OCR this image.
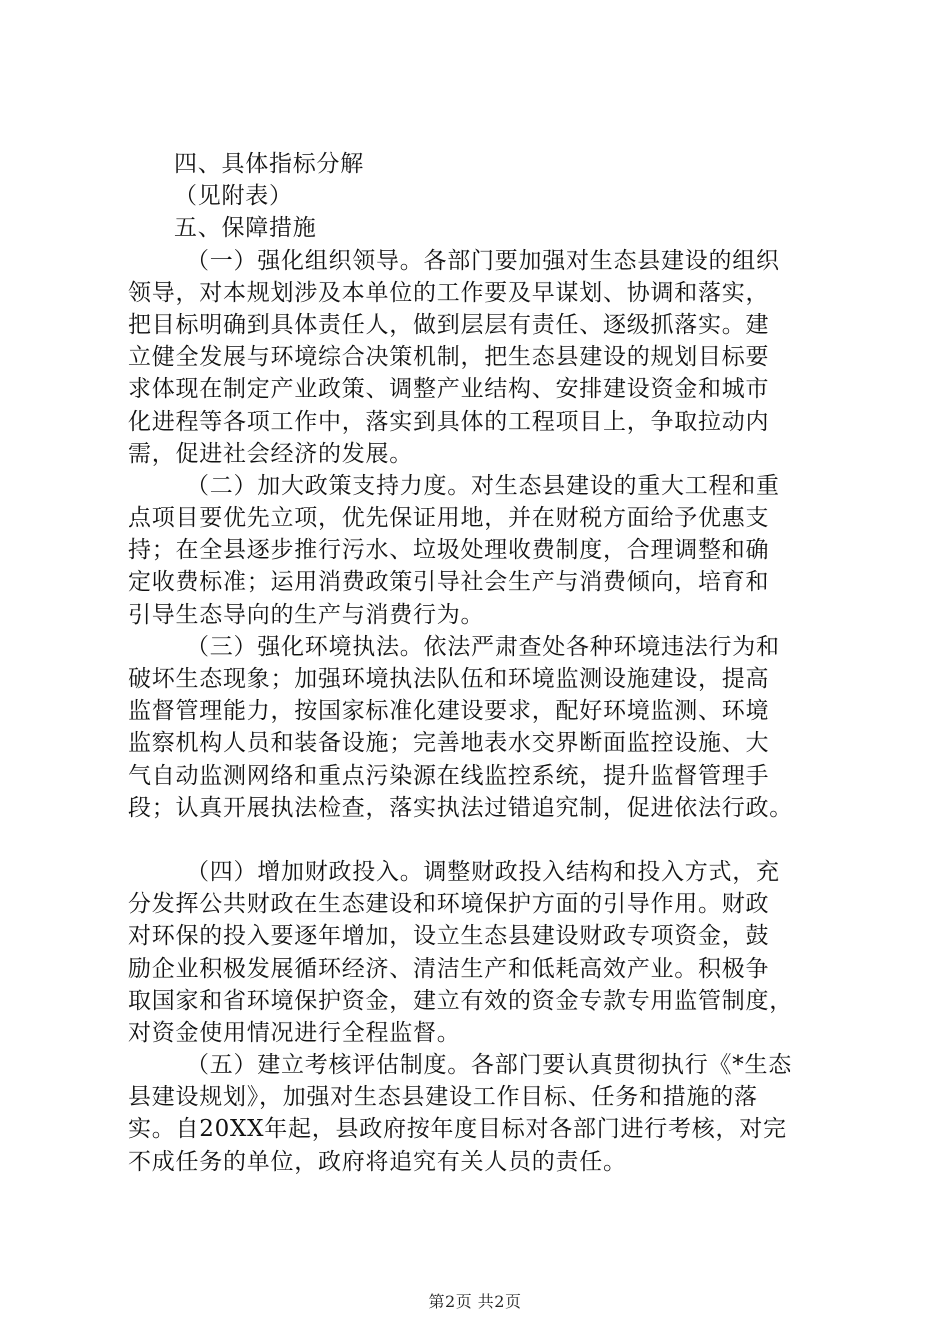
四、具体指标分解
（见附表）
五、保障措施
（一）强化组织领导。各部门要加强对生态县建设的组织
领导，对本规划涉及本单位的工作要及早谋划、协调和落实，
把目标明确到具体责任人，做到层层有责任、逐级抓落实。建
立健全发展与环境综合决策机制，把生态县建设的规划目标要
求体现在制定产业政策、调整产业结构、安排建设资金和城市
化进程等各项工作中，落实到具体的工程项目上，争取拉动内
需，促进社会经济的发展。
（二）加大政策支持力度。对生态县建设的重大工程和重
点项目要优先立项，优先保证用地，并在财税方面给予优惠支
持；在全县逐步推行污水、垃圾处理收费制度，合理调整和确
定收费标准；运用消费政策引导社会生产与消费倾向，培育和
引导生态导向的生产与消费行为。
（三）强化环境执法。依法严肃查处各种环境违法行为和
破坏生态现象；加强环境执法队伍和环境监测设施建设，提高
监督管理能力，按国家标准化建设要求，配好环境监测、环境
监察机构人员和装备设施；完善地表水交界断面监控设施、大
气自动监测网络和重点污染源在线监控系统，提升监督管理手
段；认真开展执法检查，落实执法过错追究制，促进依法行政。
（四）增加财政投入。调整财政投入结构和投入方式，充
分发挥公共财政在生态建设和环境保护方面的引导作用。财政
对环保的投入要逐年增加，设立生态县建设财政专项资金，鼓
励企业积极发展循环经济、清洁生产和低耗高效产业。积极争
取国家和省环境保护资金，建立有效的资金专款专用监管制度，
对资金使用情况进行全程监督。
（五）建立考核评估制度。各部门要认真贯彻执行《*生态
县建设规划》，加强对生态县建设工作目标、任务和措施的落
实。自20XX年起，县政府按年度目标对各部门进行考核，对完
不成任务的单位，政府将追究有关人员的责任。
第2页 共2页
